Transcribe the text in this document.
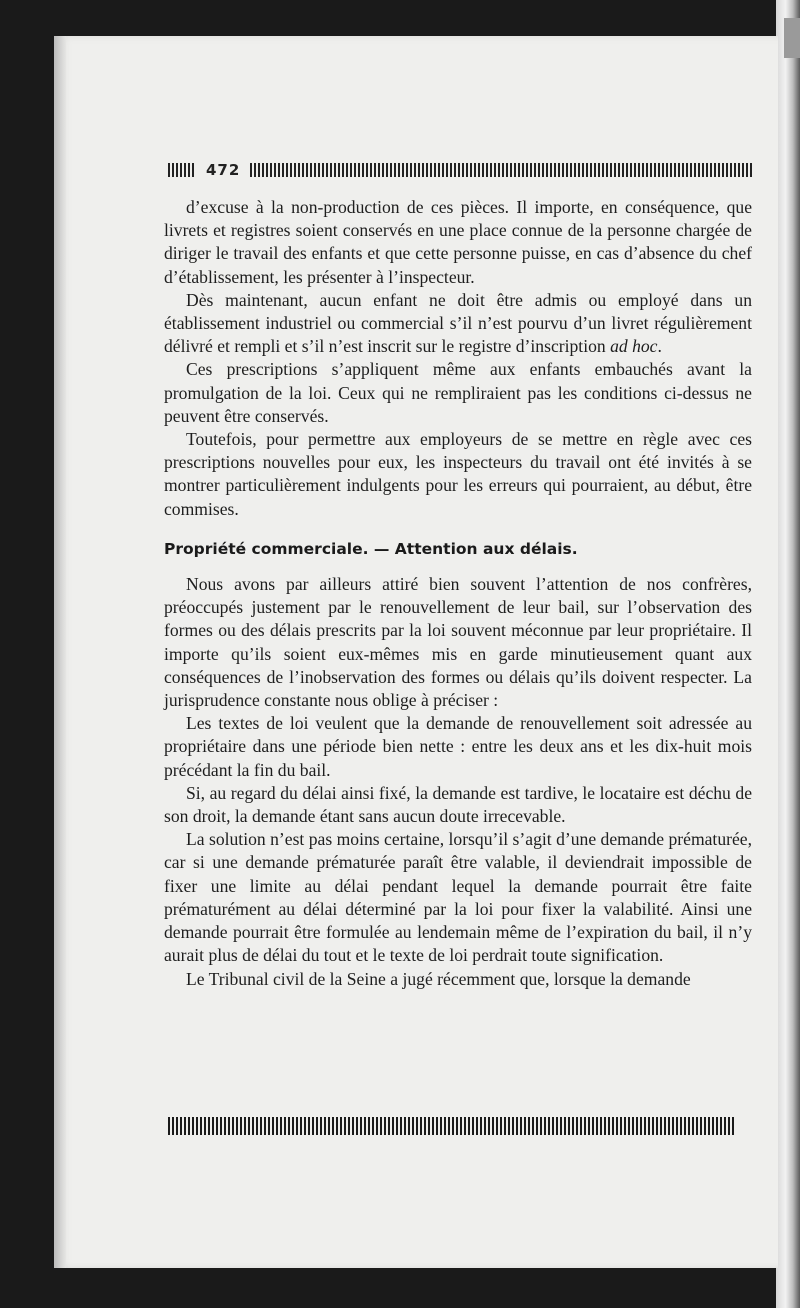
472

d’excuse à la non-production de ces pièces. Il importe, en conséquence, que livrets et registres soient conservés en une place connue de la personne chargée de diriger le travail des enfants et que cette personne puisse, en cas d’absence du chef d’établissement, les présenter à l’inspecteur.

Dès maintenant, aucun enfant ne doit être admis ou employé dans un établissement industriel ou commercial s’il n’est pourvu d’un livret régulièrement délivré et rempli et s’il n’est inscrit sur le registre d’inscription ad hoc.

Ces prescriptions s’appliquent même aux enfants embauchés avant la promulgation de la loi. Ceux qui ne rempliraient pas les conditions ci-dessus ne peuvent être conservés.

Toutefois, pour permettre aux employeurs de se mettre en règle avec ces prescriptions nouvelles pour eux, les inspecteurs du travail ont été invités à se montrer particulièrement indulgents pour les erreurs qui pourraient, au début, être commises.

Propriété commerciale. — Attention aux délais.

Nous avons par ailleurs attiré bien souvent l’attention de nos confrères, préoccupés justement par le renouvellement de leur bail, sur l’observation des formes ou des délais prescrits par la loi souvent méconnue par leur propriétaire. Il importe qu’ils soient eux-mêmes mis en garde minutieusement quant aux conséquences de l’inobservation des formes ou délais qu’ils doivent respecter. La jurisprudence constante nous oblige à préciser :

Les textes de loi veulent que la demande de renouvellement soit adressée au propriétaire dans une période bien nette : entre les deux ans et les dix-huit mois précédant la fin du bail.

Si, au regard du délai ainsi fixé, la demande est tardive, le locataire est déchu de son droit, la demande étant sans aucun doute irrecevable.

La solution n’est pas moins certaine, lorsqu’il s’agit d’une demande prématurée, car si une demande prématurée paraît être valable, il deviendrait impossible de fixer une limite au délai pendant lequel la demande pourrait être faite prématurément au délai déterminé par la loi pour fixer la valabilité. Ainsi une demande pourrait être formulée au lendemain même de l’expiration du bail, il n’y aurait plus de délai du tout et le texte de loi perdrait toute signification.

Le Tribunal civil de la Seine a jugé récemment que, lorsque la demande
